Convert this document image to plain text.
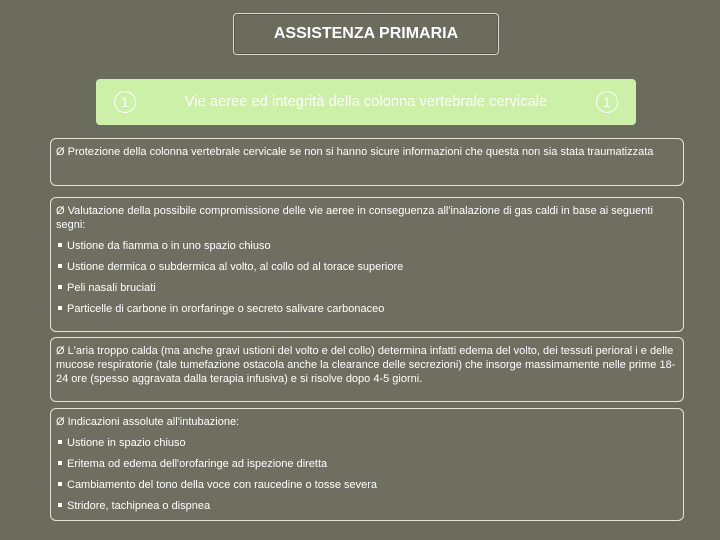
ASSISTENZA PRIMARIA
1	Vie aeree ed integrità della colonna vertebrale cervicale	1

Ø Protezione della colonna vertebrale cervicale se non si hanno sicure informazioni che questa non sia stata traumatizzata

Ø Valutazione della possibile compromissione delle vie aeree in conseguenza all'inalazione di gas caldi in base ai seguenti segni:

Ustione da fiamma o in uno spazio chiuso

Ustione dermica o subdermica al volto, al collo od al torace superiore

Peli nasali bruciati

Particelle di carbone in ororfaringe o secreto salivare carbonaceo

Ø L'aria troppo calda (ma anche gravi ustioni del volto e del collo) determina infatti edema del volto, dei tessuti perioral i e delle mucose respiratorie (tale tumefazione ostacola anche la clearance delle secrezioni) che insorge massimamente nelle prime 18-24 ore (spesso aggravata dalla terapia infusiva) e si risolve dopo 4-5 giorni.

Ø Indicazioni assolute all'intubazione:

Ustione in spazio chiuso

Eritema od edema dell'orofaringe ad ispezione diretta

Cambiamento del tono della voce con raucedine o tosse severa

Stridore, tachipnea o dispnea
